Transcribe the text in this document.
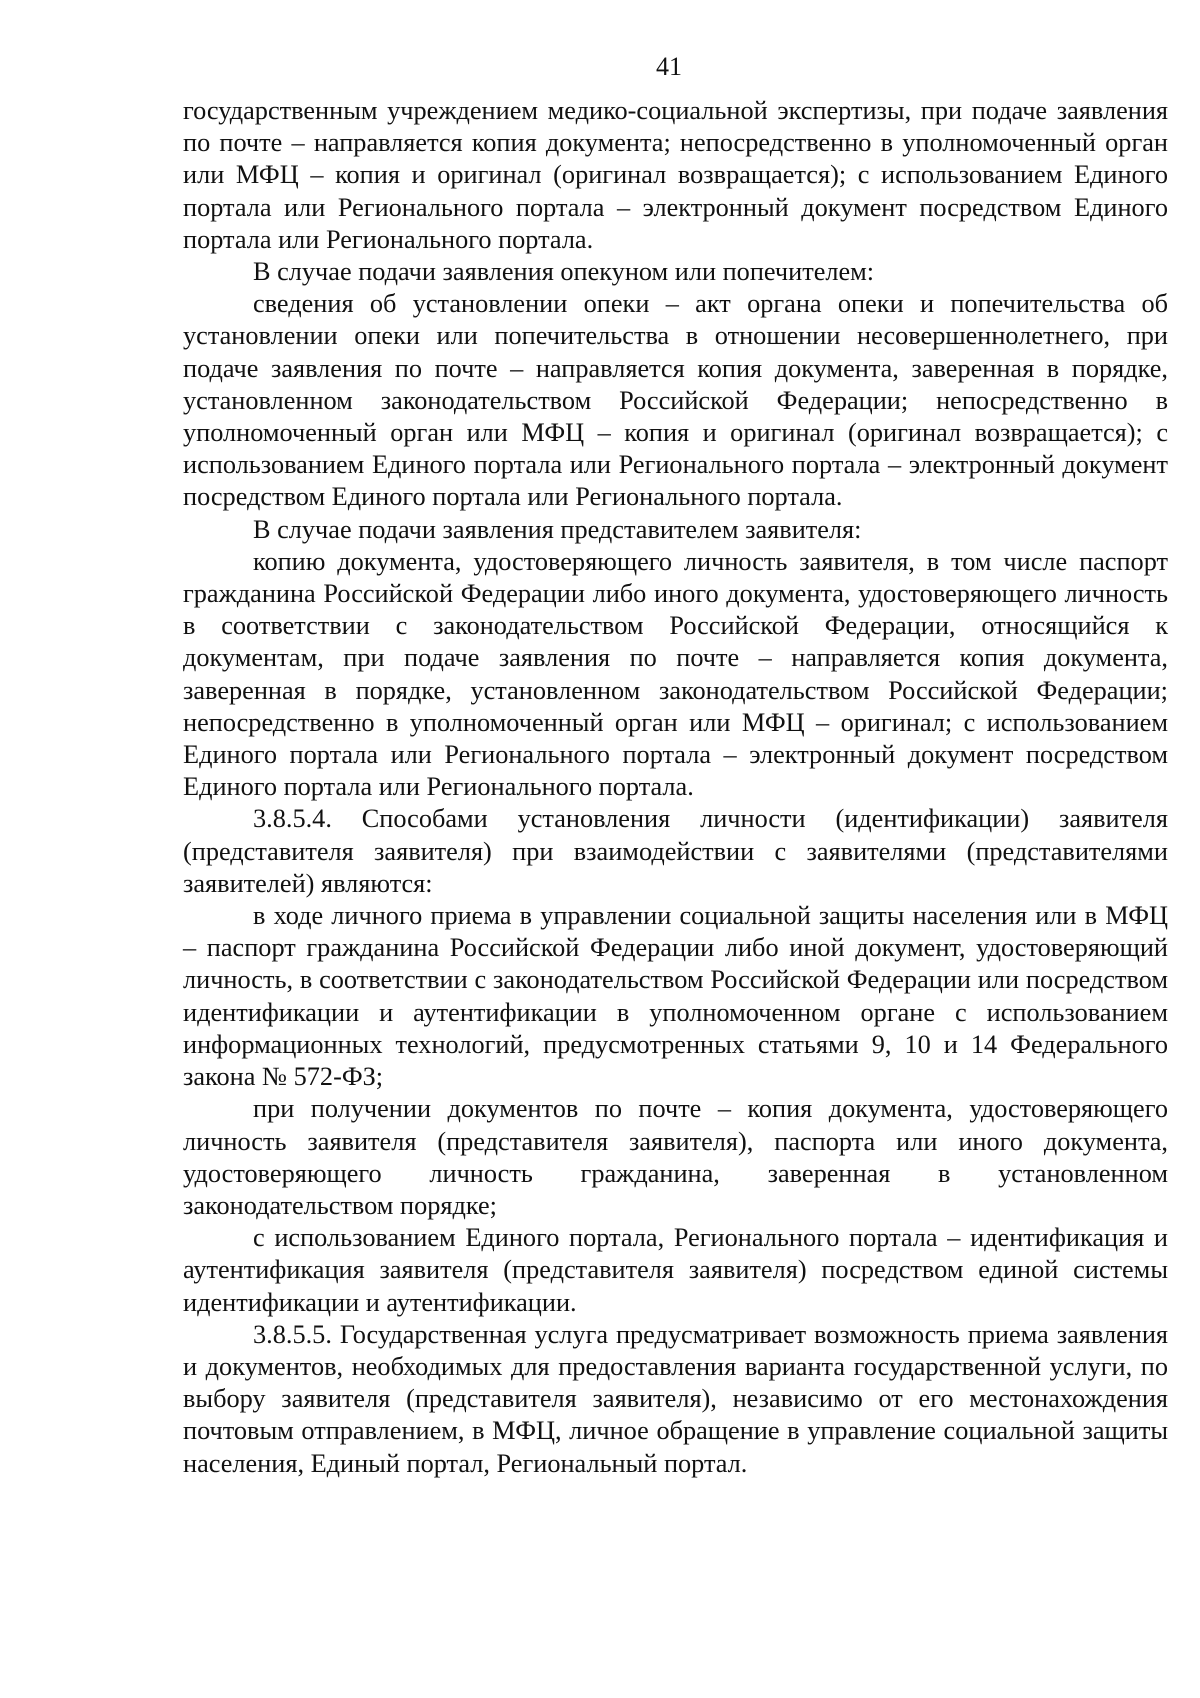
41

государственным учреждением медико-социальной экспертизы, при подаче заявления по почте – направляется копия документа; непосредственно в уполномоченный орган или МФЦ – копия и оригинал (оригинал возвращается); с использованием Единого портала или Регионального портала – электронный документ посредством Единого портала или Регионального портала.

В случае подачи заявления опекуном или попечителем:

сведения об установлении опеки – акт органа опеки и попечительства об установлении опеки или попечительства в отношении несовершеннолетнего, при подаче заявления по почте – направляется копия документа, заверенная в порядке, установленном законодательством Российской Федерации; непосредственно в уполномоченный орган или МФЦ – копия и оригинал (оригинал возвращается); с использованием Единого портала или Регионального портала – электронный документ посредством Единого портала или Регионального портала.

В случае подачи заявления представителем заявителя:

копию документа, удостоверяющего личность заявителя, в том числе паспорт гражданина Российской Федерации либо иного документа, удостоверяющего личность в соответствии с законодательством Российской Федерации, относящийся к документам, при подаче заявления по почте – направляется копия документа, заверенная в порядке, установленном законодательством Российской Федерации; непосредственно в уполномоченный орган или МФЦ – оригинал; с использованием Единого портала или Регионального портала – электронный документ посредством Единого портала или Регионального портала.

3.8.5.4. Способами установления личности (идентификации) заявителя (представителя заявителя) при взаимодействии с заявителями (представителями заявителей) являются:

в ходе личного приема в управлении социальной защиты населения или в МФЦ – паспорт гражданина Российской Федерации либо иной документ, удостоверяющий личность, в соответствии с законодательством Российской Федерации или посредством идентификации и аутентификации в уполномоченном органе с использованием информационных технологий, предусмотренных статьями 9, 10 и 14 Федерального закона № 572-ФЗ;

при получении документов по почте – копия документа, удостоверяющего личность заявителя (представителя заявителя), паспорта или иного документа, удостоверяющего личность гражданина, заверенная в установленном законодательством порядке;

с использованием Единого портала, Регионального портала – идентификация и аутентификация заявителя (представителя заявителя) посредством единой системы идентификации и аутентификации.

3.8.5.5. Государственная услуга предусматривает возможность приема заявления и документов, необходимых для предоставления варианта государственной услуги, по выбору заявителя (представителя заявителя), независимо от его местонахождения почтовым отправлением, в МФЦ, личное обращение в управление социальной защиты населения, Единый портал, Региональный портал.
